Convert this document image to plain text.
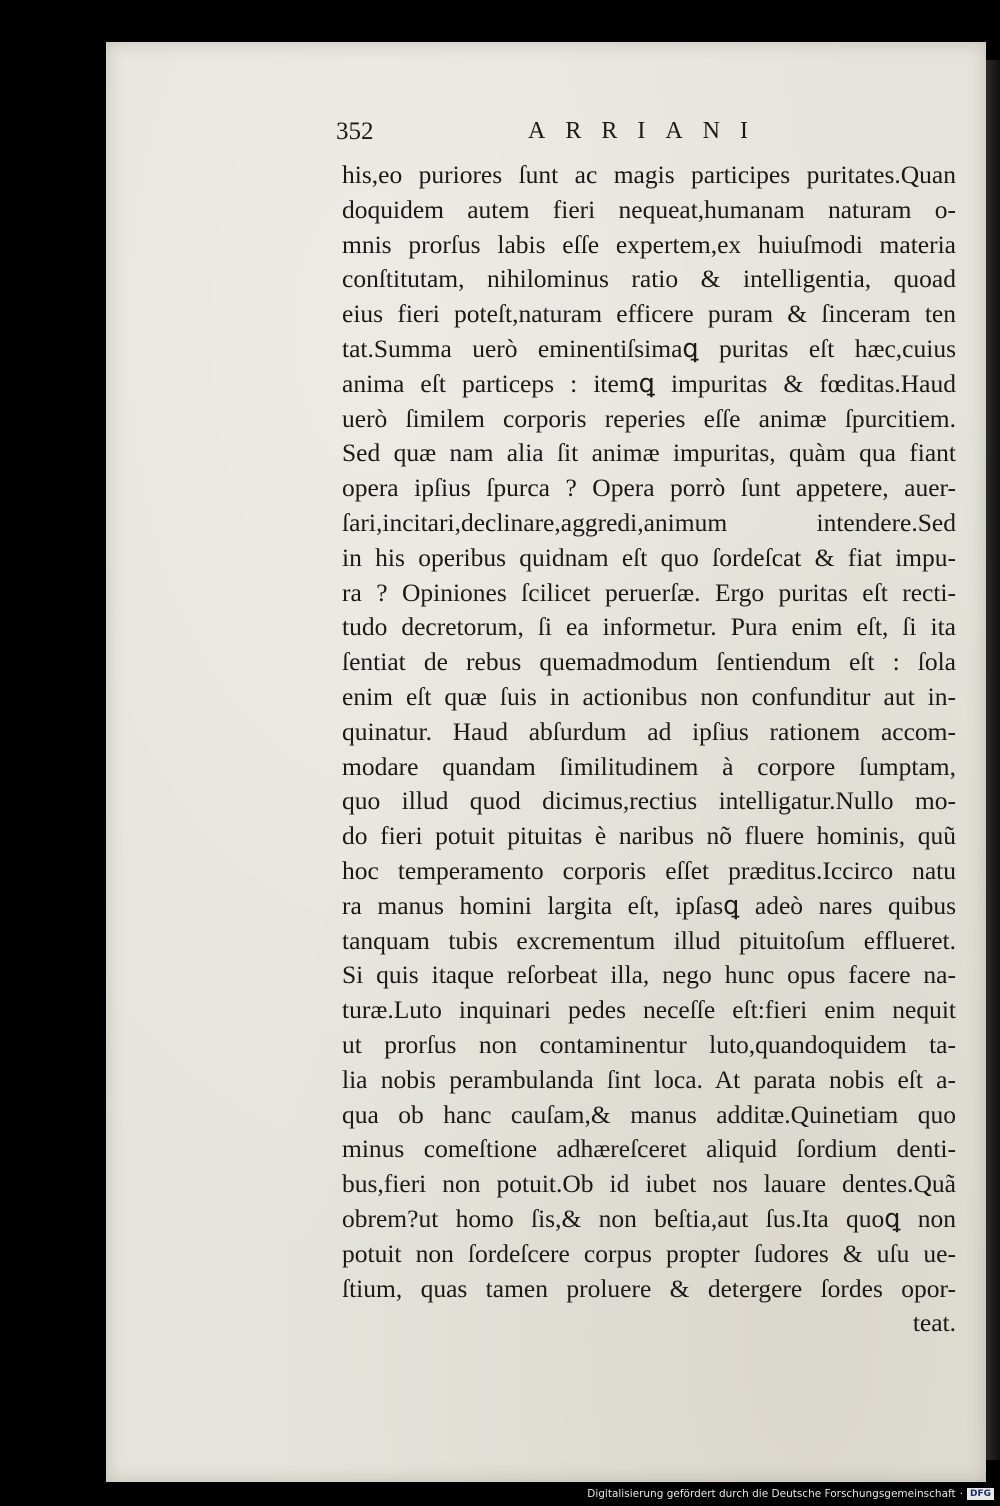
352	ARRIANI
his,eo puriores ſunt ac magis participes puritates.Quan
doquidem autem fieri nequeat,humanam naturam o-
mnis prorſus labis eſſe expertem,ex huiuſmodi materia
conſtitutam, nihilominus ratio & intelligentia, quoad
eius fieri poteſt,naturam efficere puram & ſinceram ten
tat.Summa uerò eminentiſsimaꝗ puritas eſt hæc,cuius
anima eſt particeps : itemꝗ impuritas & fœditas.Haud
uerò ſimilem corporis reperies eſſe animæ ſpurcitiem.
Sed quæ nam alia ſit animæ impuritas, quàm qua fiant
opera ipſius ſpurca ? Opera porrò ſunt appetere, auer-
ſari,incitari,declinare,aggredi,animum intendere.Sed
in his operibus quidnam eſt quo ſordeſcat & fiat impu-
ra ? Opiniones ſcilicet peruerſæ. Ergo puritas eſt recti-
tudo decretorum, ſi ea informetur. Pura enim eſt, ſi ita
ſentiat de rebus quemadmodum ſentiendum eſt : ſola
enim eſt quæ ſuis in actionibus non confunditur aut in-
quinatur. Haud abſurdum ad ipſius rationem accom-
modare quandam ſimilitudinem à corpore ſumptam,
quo illud quod dicimus,rectius intelligatur.Nullo mo-
do fieri potuit pituitas è naribus nõ fluere hominis, quũ
hoc temperamento corporis eſſet præditus.Iccirco natu
ra manus homini largita eſt, ipſasꝗ adeò nares quibus
tanquam tubis excrementum illud pituitoſum efflueret.
Si quis itaque reſorbeat illa, nego hunc opus facere na-
turæ.Luto inquinari pedes neceſſe eſt:fieri enim nequit
ut prorſus non contaminentur luto,quandoquidem ta-
lia nobis perambulanda ſint loca. At parata nobis eſt a-
qua ob hanc cauſam,& manus additæ.Quinetiam quo
minus comeſtione adhæreſceret aliquid ſordium denti-
bus,fieri non potuit.Ob id iubet nos lauare dentes.Quã
obrem?ut homo ſis,& non beſtia,aut ſus.Ita quoꝗ non
potuit non ſordeſcere corpus propter ſudores & uſu ue-
ſtium, quas tamen proluere & detergere ſordes opor-
teat.
Digitalisierung gefördert durch die Deutsche Forschungsgemeinschaft · DFG
